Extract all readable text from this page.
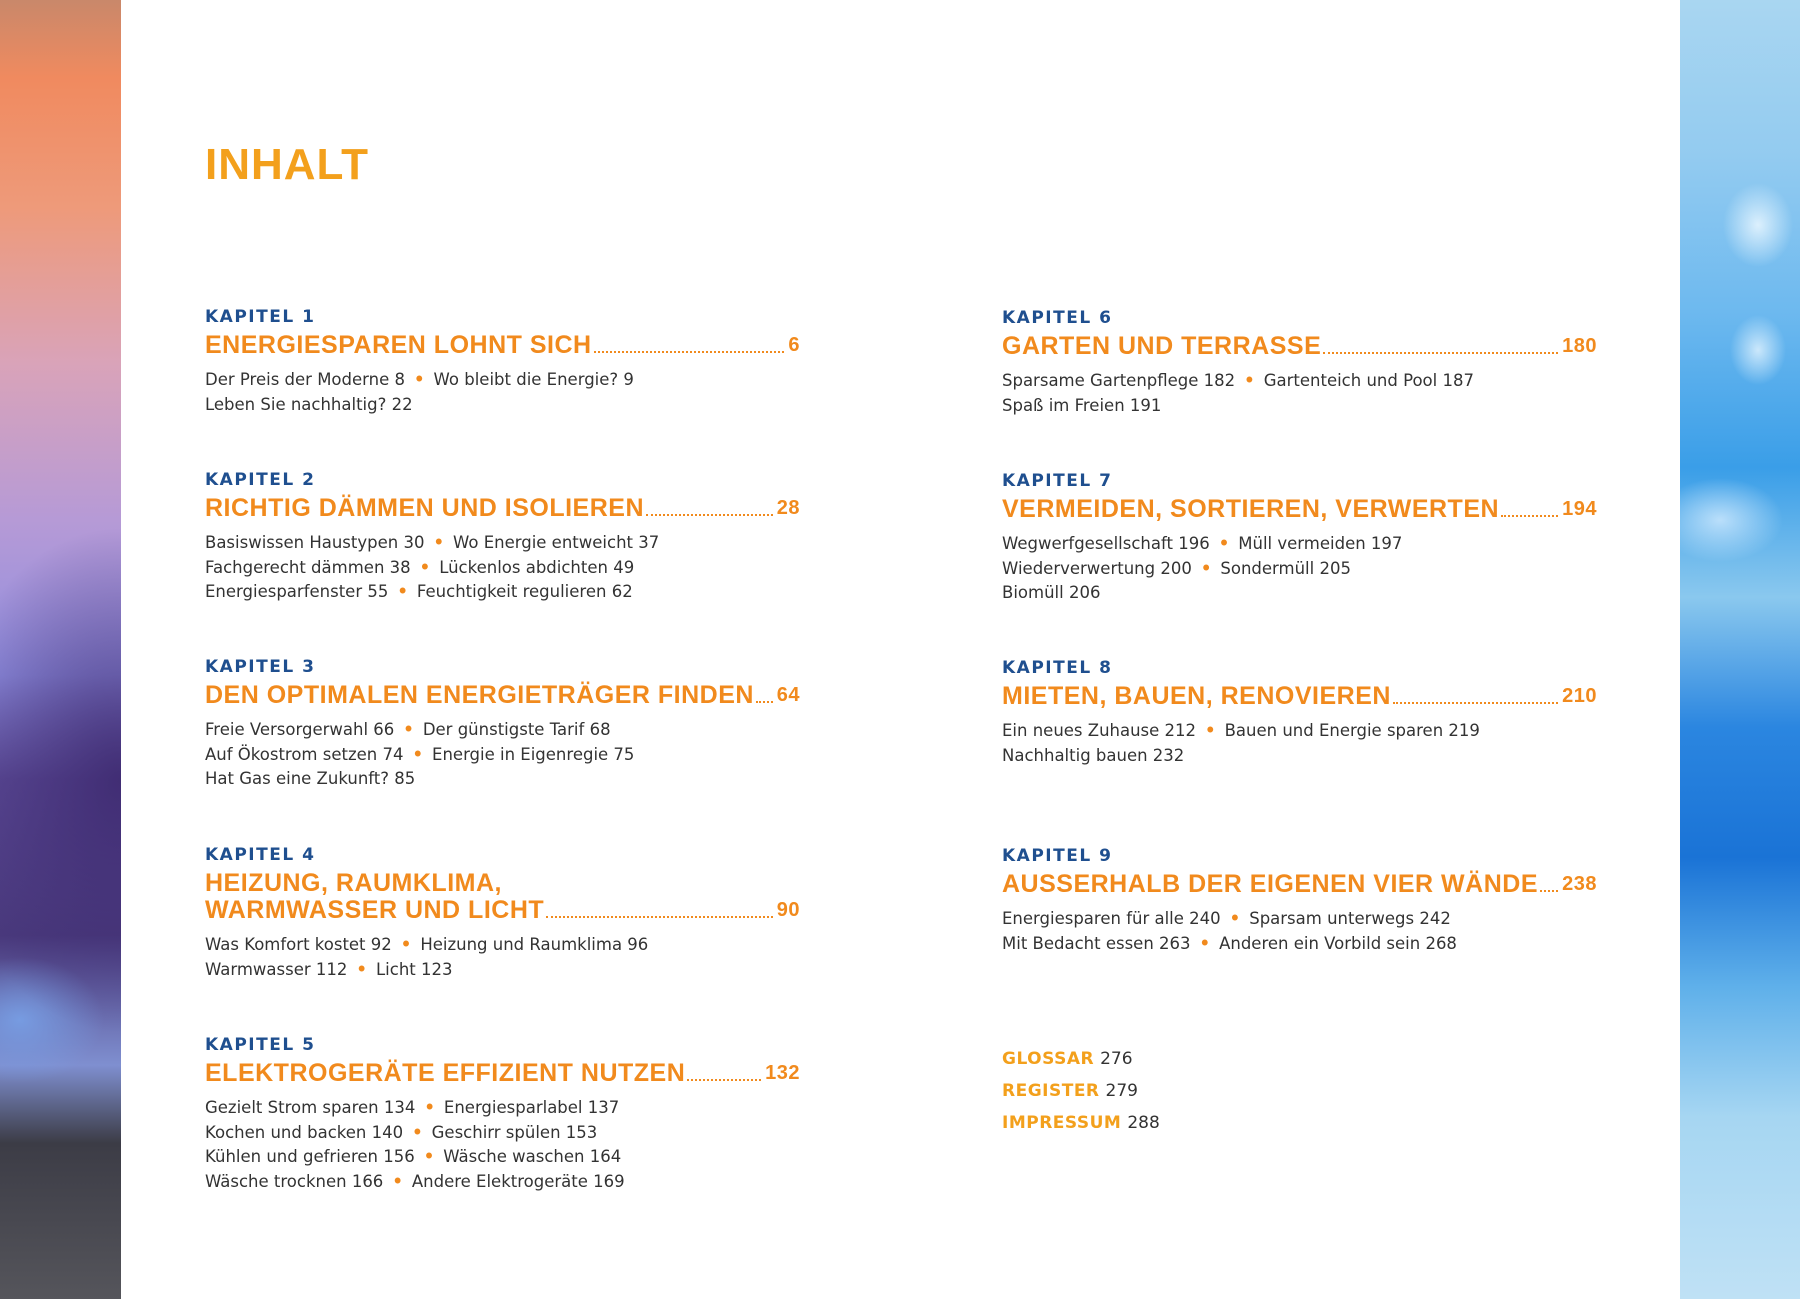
INHALT
KAPITEL 1
ENERGIESPAREN LOHNT SICH	6
Der Preis der Moderne 8 • Wo bleibt die Energie? 9
Leben Sie nachhaltig? 22
KAPITEL 2
RICHTIG DÄMMEN UND ISOLIEREN	28
Basiswissen Haustypen 30 • Wo Energie entweicht 37
Fachgerecht dämmen 38 • Lückenlos abdichten 49
Energiesparfenster 55 • Feuchtigkeit regulieren 62
KAPITEL 3
DEN OPTIMALEN ENERGIETRÄGER FINDEN 64
Freie Versorgerwahl 66 • Der günstigste Tarif 68
Auf Ökostrom setzen 74 • Energie in Eigenregie 75
Hat Gas eine Zukunft? 85
KAPITEL 4
HEIZUNG, RAUMKLIMA,
WARMWASSER UND LICHT	90
Was Komfort kostet 92 • Heizung und Raumklima 96
Warmwasser 112 • Licht 123
KAPITEL 5
ELEKTROGERÄTE EFFIZIENT NUTZEN	132
Gezielt Strom sparen 134 • Energiesparlabel 137
Kochen und backen 140 • Geschirr spülen 153
Kühlen und gefrieren 156 • Wäsche waschen 164
Wäsche trocknen 166 • Andere Elektrogeräte 169
KAPITEL 6
GARTEN UND TERRASSE	180
Sparsame Gartenpflege 182 • Gartenteich und Pool 187
Spaß im Freien 191
KAPITEL 7
VERMEIDEN, SORTIEREN, VERWERTEN	194
Wegwerfgesellschaft 196 • Müll vermeiden 197
Wiederverwertung 200 • Sondermüll 205
Biomüll 206
KAPITEL 8
MIETEN, BAUEN, RENOVIEREN	210
Ein neues Zuhause 212 • Bauen und Energie sparen 219
Nachhaltig bauen 232
KAPITEL 9
AUSSERHALB DER EIGENEN VIER WÄNDE 238
Energiesparen für alle 240 • Sparsam unterwegs 242
Mit Bedacht essen 263 • Anderen ein Vorbild sein 268
GLOSSAR 276
REGISTER 279
IMPRESSUM 288
